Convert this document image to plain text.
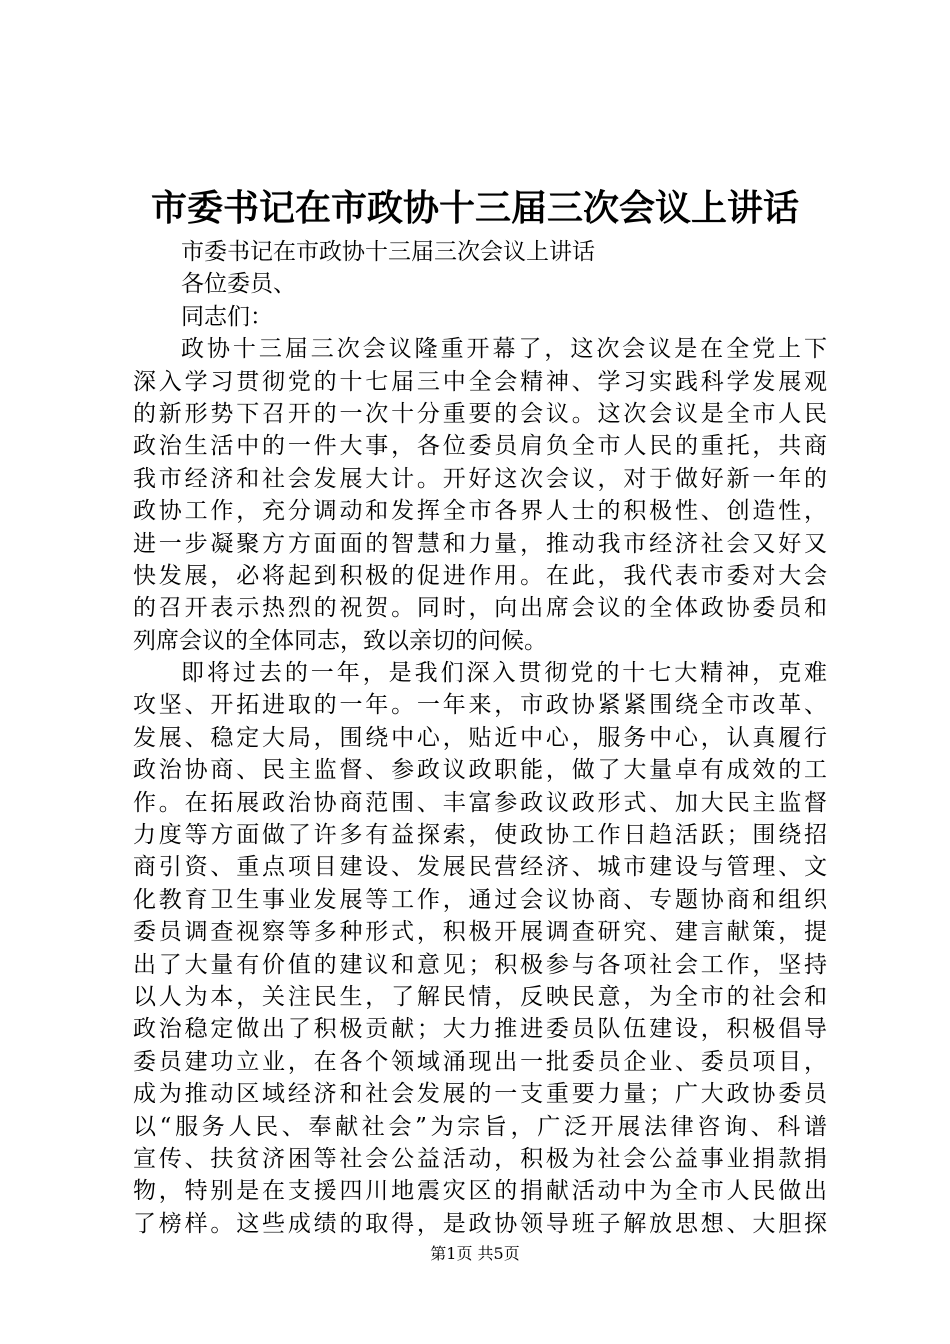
市委书记在市政协十三届三次会议上讲话
市委书记在市政协十三届三次会议上讲话
各位委员、
同志们：
政协十三届三次会议隆重开幕了，这次会议是在全党上下
深入学习贯彻党的十七届三中全会精神、学习实践科学发展观
的新形势下召开的一次十分重要的会议。这次会议是全市人民
政治生活中的一件大事，各位委员肩负全市人民的重托，共商
我市经济和社会发展大计。开好这次会议，对于做好新一年的
政协工作，充分调动和发挥全市各界人士的积极性、创造性，
进一步凝聚方方面面的智慧和力量，推动我市经济社会又好又
快发展，必将起到积极的促进作用。在此，我代表市委对大会
的召开表示热烈的祝贺。同时，向出席会议的全体政协委员和
列席会议的全体同志，致以亲切的问候。
即将过去的一年，是我们深入贯彻党的十七大精神，克难
攻坚、开拓进取的一年。一年来，市政协紧紧围绕全市改革、
发展、稳定大局，围绕中心，贴近中心，服务中心，认真履行
政治协商、民主监督、参政议政职能，做了大量卓有成效的工
作。在拓展政治协商范围、丰富参政议政形式、加大民主监督
力度等方面做了许多有益探索，使政协工作日趋活跃；围绕招
商引资、重点项目建设、发展民营经济、城市建设与管理、文
化教育卫生事业发展等工作，通过会议协商、专题协商和组织
委员调查视察等多种形式，积极开展调查研究、建言献策，提
出了大量有价值的建议和意见；积极参与各项社会工作，坚持
以人为本，关注民生，了解民情，反映民意，为全市的社会和
政治稳定做出了积极贡献；大力推进委员队伍建设，积极倡导
委员建功立业，在各个领域涌现出一批委员企业、委员项目，
成为推动区域经济和社会发展的一支重要力量；广大政协委员
以“服务人民、奉献社会”为宗旨，广泛开展法律咨询、科谱
宣传、扶贫济困等社会公益活动，积极为社会公益事业捐款捐
物，特别是在支援四川地震灾区的捐献活动中为全市人民做出
了榜样。这些成绩的取得，是政协领导班子解放思想、大胆探
第1页 共5页
